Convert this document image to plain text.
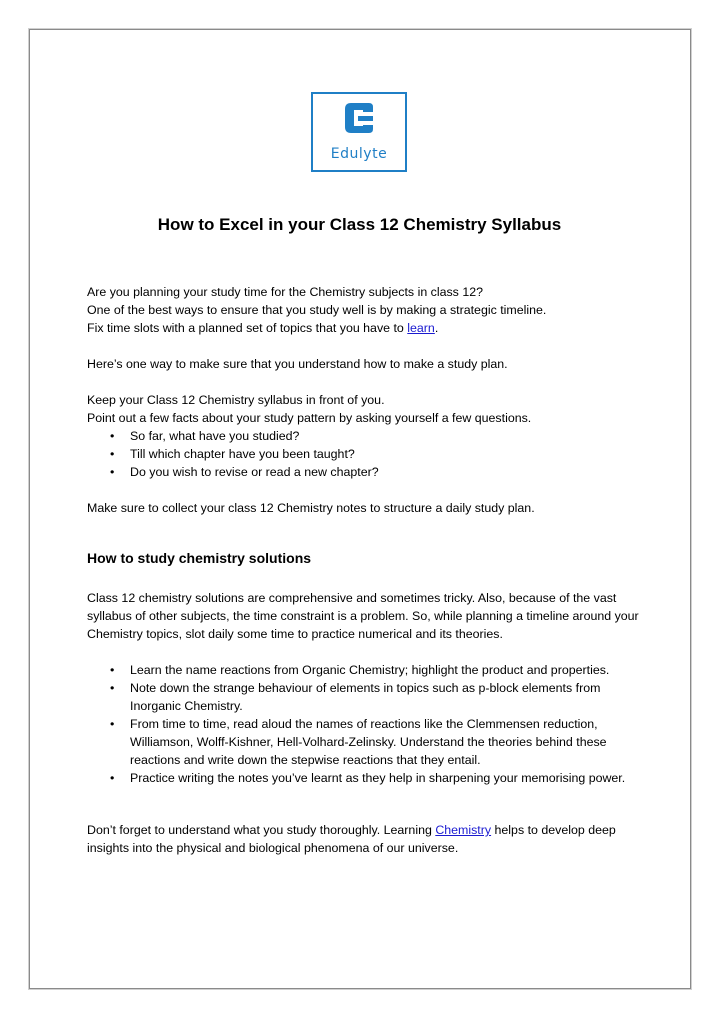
Edulyte
How to Excel in your Class 12 Chemistry Syllabus

Are you planning your study time for the Chemistry subjects in class 12?

One of the best ways to ensure that you study well is by making a strategic timeline.

Fix time slots with a planned set of topics that you have to learn.

Here’s one way to make sure that you understand how to make a study plan.

Keep your Class 12 Chemistry syllabus in front of you.

Point out a few facts about your study pattern by asking yourself a few questions.

• So far, what have you studied?
• Till which chapter have you been taught?
• Do you wish to revise or read a new chapter?

Make sure to collect your class 12 Chemistry notes to structure a daily study plan.

How to study chemistry solutions

Class 12 chemistry solutions are comprehensive and sometimes tricky. Also, because of the vast syllabus of other subjects, the time constraint is a problem. So, while planning a timeline around your Chemistry topics, slot daily some time to practice numerical and its theories.

• Learn the name reactions from Organic Chemistry; highlight the product and properties.
• Note down the strange behaviour of elements in topics such as p-block elements from Inorganic Chemistry.
• From time to time, read aloud the names of reactions like the Clemmensen reduction, Williamson, Wolff-Kishner, Hell-Volhard-Zelinsky. Understand the theories behind these reactions and write down the stepwise reactions that they entail.
• Practice writing the notes you’ve learnt as they help in sharpening your memorising power.

Don’t forget to understand what you study thoroughly. Learning Chemistry helps to develop deep insights into the physical and biological phenomena of our universe.
